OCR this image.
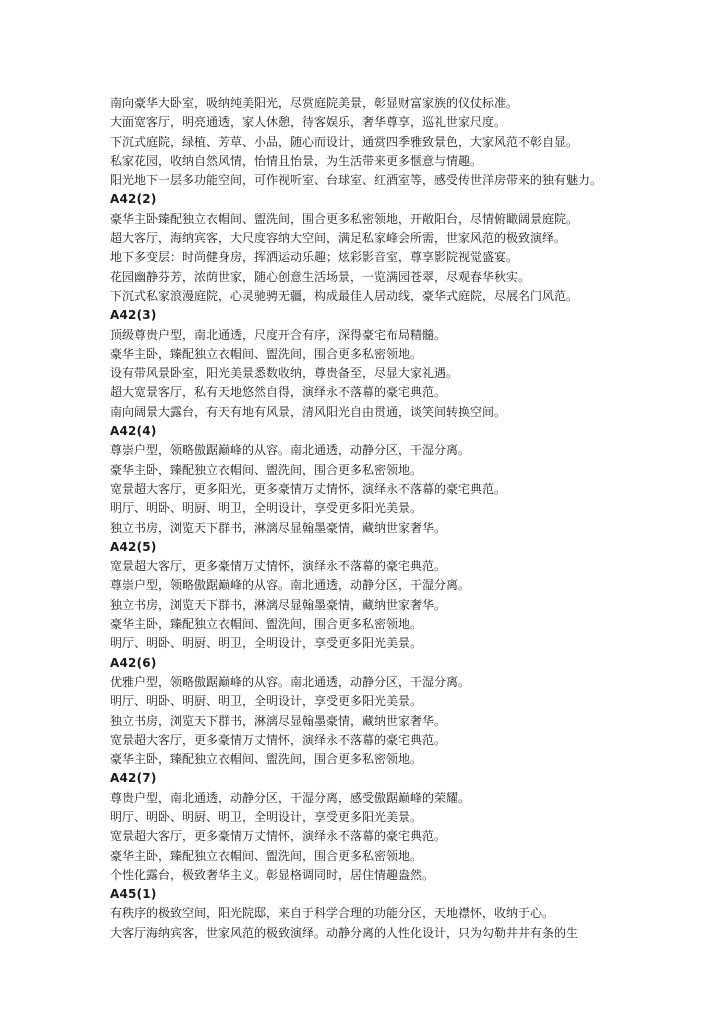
南向豪华大卧室，吸纳纯美阳光，尽赏庭院美景，彰显财富家族的仪仗标准。
大面宽客厅，明亮通透，家人休憩，待客娱乐，奢华尊享，巡礼世家尺度。
下沉式庭院，绿植、芳草、小品，随心而设计，通赏四季雅致景色，大家风范不彰自显。
私家花园，收纳自然风情，怡情且怡景，为生活带来更多惬意与情趣。
阳光地下一层多功能空间，可作视听室、台球室、红酒室等，感受传世洋房带来的独有魅力。
A42(2)
豪华主卧臻配独立衣帽间、盥洗间，围合更多私密领地，开敞阳台，尽情俯瞰阔景庭院。
超大客厅，海纳宾客，大尺度容纳大空间，满足私家峰会所需，世家风范的极致演绎。
地下多变层：时尚健身房，挥洒运动乐趣；炫彩影音室，尊享影院视觉盛宴。
花园幽静芬芳，浓荫世家，随心创意生活场景，一览满园苍翠，尽观春华秋实。
下沉式私家浪漫庭院，心灵驰骋无疆，构成最佳人居动线，豪华式庭院，尽展名门风范。
A42(3)
顶级尊贵户型，南北通透，尺度开合有序，深得豪宅布局精髓。
豪华主卧，臻配独立衣帽间、盥洗间，围合更多私密领地。
设有带风景卧室，阳光美景悉数收纳，尊贵备至，尽显大家礼遇。
超大宽景客厅，私有天地悠然自得，演绎永不落幕的豪宅典范。
南向阔景大露台，有天有地有风景，清风阳光自由贯通，谈笑间转换空间。
A42(4)
尊崇户型，领略傲踞巅峰的从容。南北通透，动静分区，干湿分离。
豪华主卧，臻配独立衣帽间、盥洗间，围合更多私密领地。
宽景超大客厅，更多阳光，更多豪情万丈情怀，演绎永不落幕的豪宅典范。
明厅、明卧、明厨、明卫，全明设计，享受更多阳光美景。
独立书房，浏览天下群书，淋漓尽显翰墨豪情，藏纳世家奢华。
A42(5)
宽景超大客厅，更多豪情万丈情怀，演绎永不落幕的豪宅典范。
尊崇户型，领略傲踞巅峰的从容。南北通透，动静分区，干湿分离。
独立书房，浏览天下群书，淋漓尽显翰墨豪情，藏纳世家奢华。
豪华主卧，臻配独立衣帽间、盥洗间，围合更多私密领地。
明厅、明卧、明厨、明卫，全明设计，享受更多阳光美景。
A42(6)
优雅户型，领略傲踞巅峰的从容。南北通透，动静分区，干湿分离。
明厅、明卧、明厨、明卫，全明设计，享受更多阳光美景。
独立书房，浏览天下群书，淋漓尽显翰墨豪情，藏纳世家奢华。
宽景超大客厅，更多豪情万丈情怀，演绎永不落幕的豪宅典范。
豪华主卧，臻配独立衣帽间、盥洗间，围合更多私密领地。
A42(7)
尊贵户型，南北通透，动静分区，干湿分离，感受傲踞巅峰的荣耀。
明厅、明卧、明厨、明卫，全明设计，享受更多阳光美景。
宽景超大客厅，更多豪情万丈情怀，演绎永不落幕的豪宅典范。
豪华主卧，臻配独立衣帽间、盥洗间，围合更多私密领地。
个性化露台，极致奢华主义。彰显格调同时，居住情趣盎然。
A45(1)
有秩序的极致空间，阳光院邸，来自于科学合理的功能分区，天地襟怀，收纳于心。
大客厅海纳宾客，世家风范的极致演绎。动静分离的人性化设计，只为勾勒井井有条的生
